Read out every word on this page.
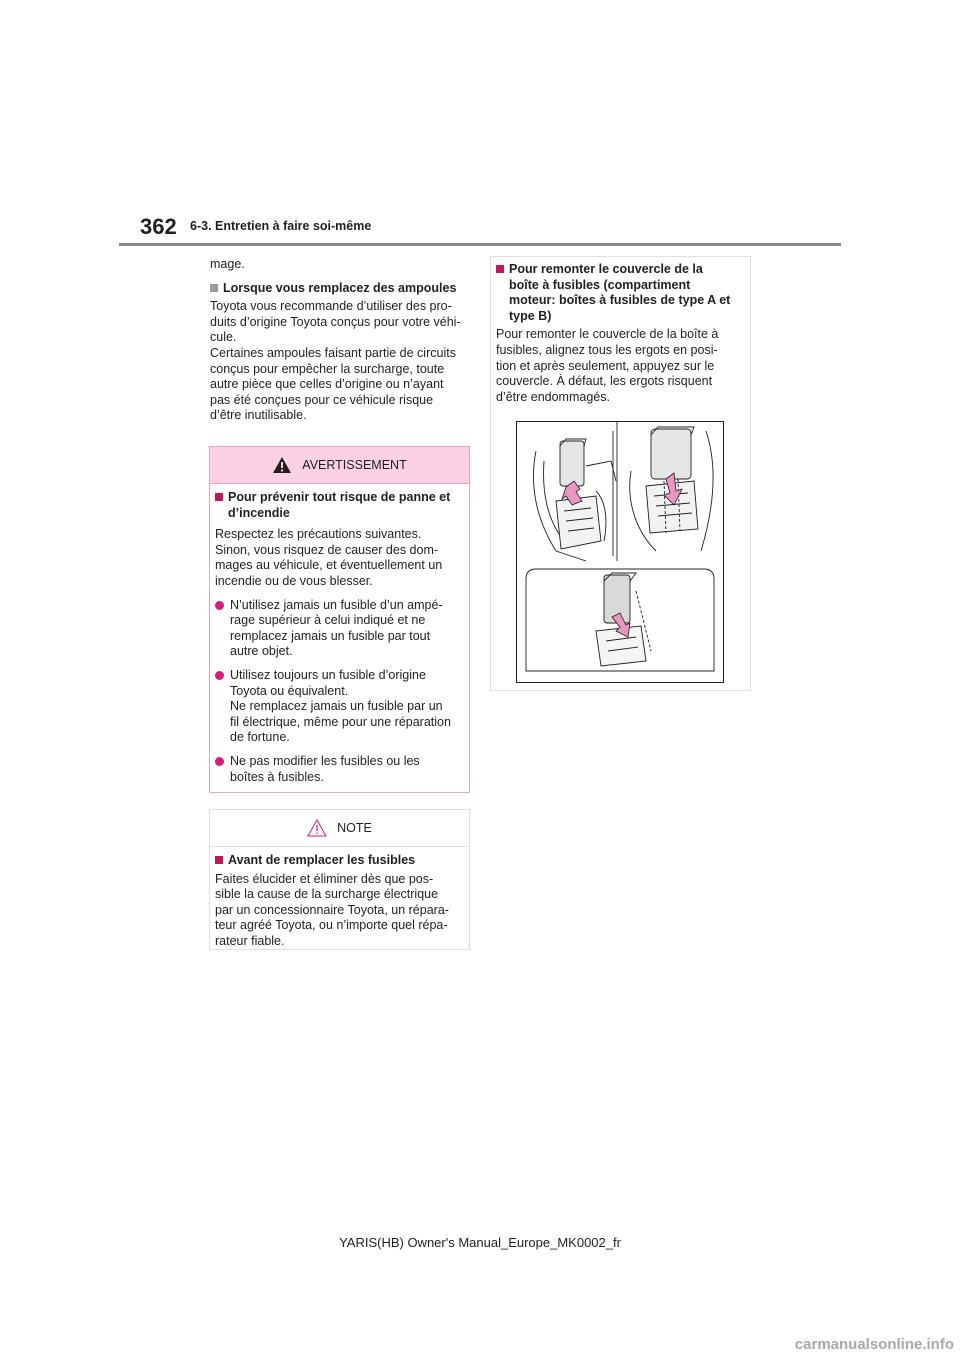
362 6-3. Entretien à faire soi-même

mage.

Lorsque vous remplacez des ampoules

Toyota vous recommande d’utiliser des pro-

duits d’origine Toyota conçus pour votre véhi-

cule.

Certaines ampoules faisant partie de circuits

conçus pour empêcher la surcharge, toute

autre pièce que celles d’origine ou n’ayant

pas été conçues pour ce véhicule risque

d’être inutilisable.

AVERTISSEMENT
Pour prévenir tout risque de panne et
d’incendie

Respectez les précautions suivantes.

Sinon, vous risquez de causer des dom-

mages au véhicule, et éventuellement un

incendie ou de vous blesser.

N’utilisez jamais un fusible d’un ampé-

rage supérieur à celui indiqué et ne

remplacez jamais un fusible par tout

autre objet.

Utilisez toujours un fusible d’origine

Toyota ou équivalent.

Ne remplacez jamais un fusible par un

fil électrique, même pour une réparation

de fortune.

Ne pas modifier les fusibles ou les

boîtes à fusibles.

NOTE
Avant de remplacer les fusibles

Faites élucider et éliminer dès que pos-

sible la cause de la surcharge électrique

par un concessionnaire Toyota, un répara-

teur agréé Toyota, ou n’importe quel répa-

rateur fiable.

Pour remonter le couvercle de la
boîte à fusibles (compartiment
moteur: boîtes à fusibles de type A et
type B)

Pour remonter le couvercle de la boîte à

fusibles, alignez tous les ergots en posi-

tion et après seulement, appuyez sur le

couvercle. À défaut, les ergots risquent

d’être endommagés.

YARIS(HB) Owner's Manual_Europe_MK0002_fr
carmanualsonline.info
